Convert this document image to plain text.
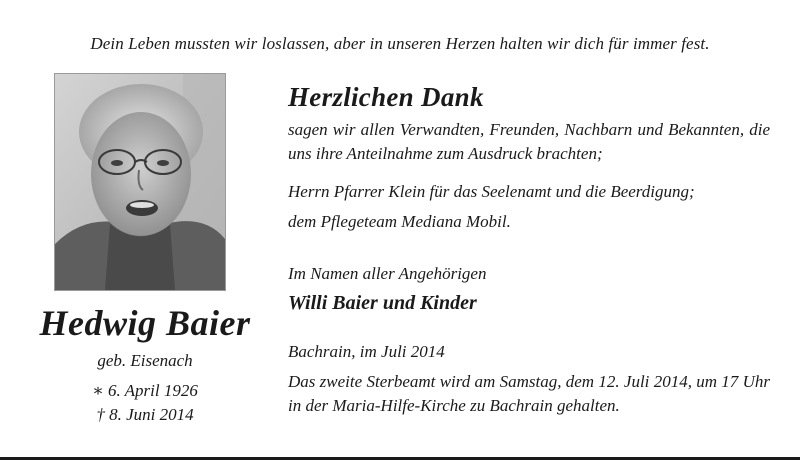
Dein Leben mussten wir loslassen, aber in unseren Herzen halten wir dich für immer fest.
Hedwig Baier
geb. Eisenach
∗ 6. April 1926
† 8. Juni 2014
Herzlichen Dank
sagen wir allen Verwandten, Freunden, Nachbarn und Bekannten, die uns ihre Anteilnahme zum Ausdruck brachten;
Herrn Pfarrer Klein für das Seelenamt und die Beerdigung;
dem Pflegeteam Mediana Mobil.
Im Namen aller Angehörigen
Willi Baier und Kinder
Bachrain, im Juli 2014
Das zweite Sterbeamt wird am Samstag, dem 12. Juli 2014, um 17 Uhr in der Maria-Hilfe-Kirche zu Bachrain gehalten.
